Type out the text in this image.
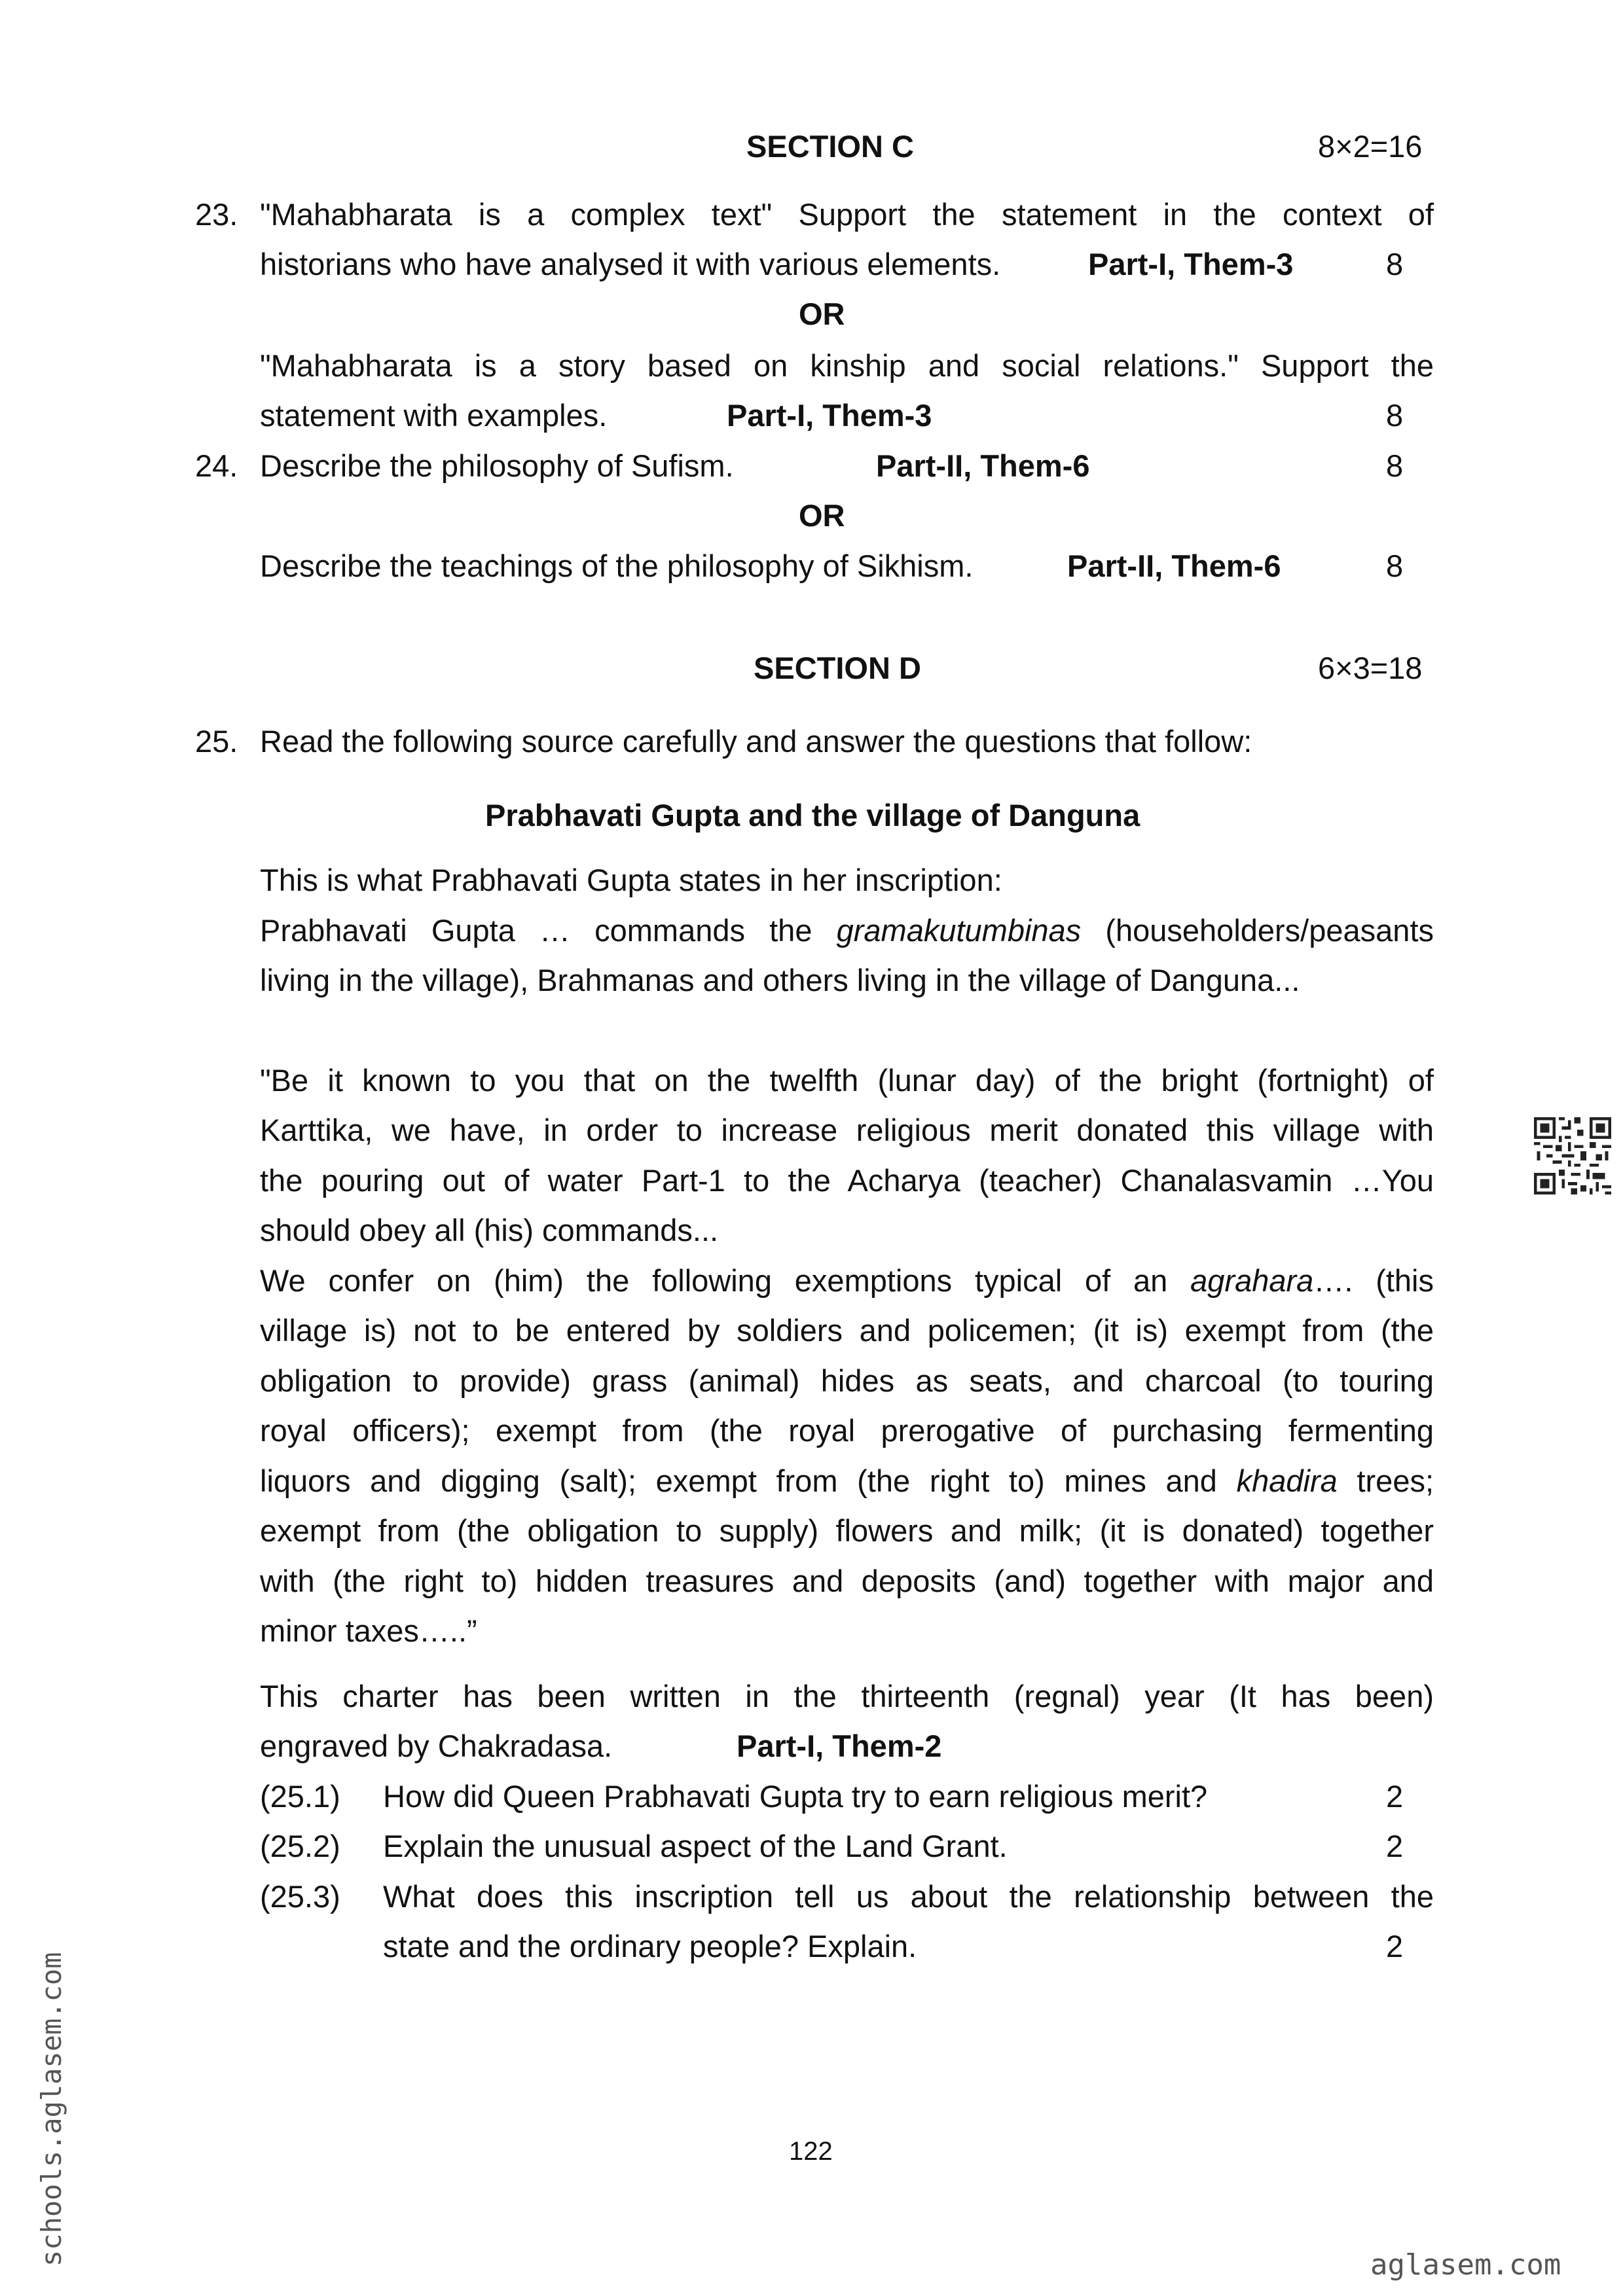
SECTION C	8×2=16
23. "Mahabharata is a complex text" Support the statement in the context of
historians who have analysed it with various elements.	Part-I, Them-3	8
OR
"Mahabharata is a story based on kinship and social relations." Support the
statement with examples.	Part-I, Them-3	8
24. Describe the philosophy of Sufism.	Part-II, Them-6	8
OR
Describe the teachings of the philosophy of Sikhism.	Part-II, Them-6	8
SECTION D	6×3=18
25. Read the following source carefully and answer the questions that follow:
Prabhavati Gupta and the village of Danguna
This is what Prabhavati Gupta states in her inscription:
Prabhavati Gupta … commands the gramakutumbinas (householders/peasants
living in the village), Brahmanas and others living in the village of Danguna...
"Be it known to you that on the twelfth (lunar day) of the bright (fortnight) of
Karttika, we have, in order to increase religious merit donated this village with
the pouring out of water Part-1 to the Acharya (teacher) Chanalasvamin …You
should obey all (his) commands...
We confer on (him) the following exemptions typical of an agrahara…. (this
village is) not to be entered by soldiers and policemen; (it is) exempt from (the
obligation to provide) grass (animal) hides as seats, and charcoal (to touring
royal officers); exempt from (the royal prerogative of purchasing fermenting
liquors and digging (salt); exempt from (the right to) mines and khadira trees;
exempt from (the obligation to supply) flowers and milk; (it is donated) together
with (the right to) hidden treasures and deposits (and) together with major and
minor taxes…..”
This charter has been written in the thirteenth (regnal) year (It has been)
engraved by Chakradasa.	Part-I, Them-2
(25.1) How did Queen Prabhavati Gupta try to earn religious merit?	2
(25.2) Explain the unusual aspect of the Land Grant.	2
(25.3) What does this inscription tell us about the relationship between the
state and the ordinary people? Explain.	2
122
schools.aglasem.com	aglasem.com
